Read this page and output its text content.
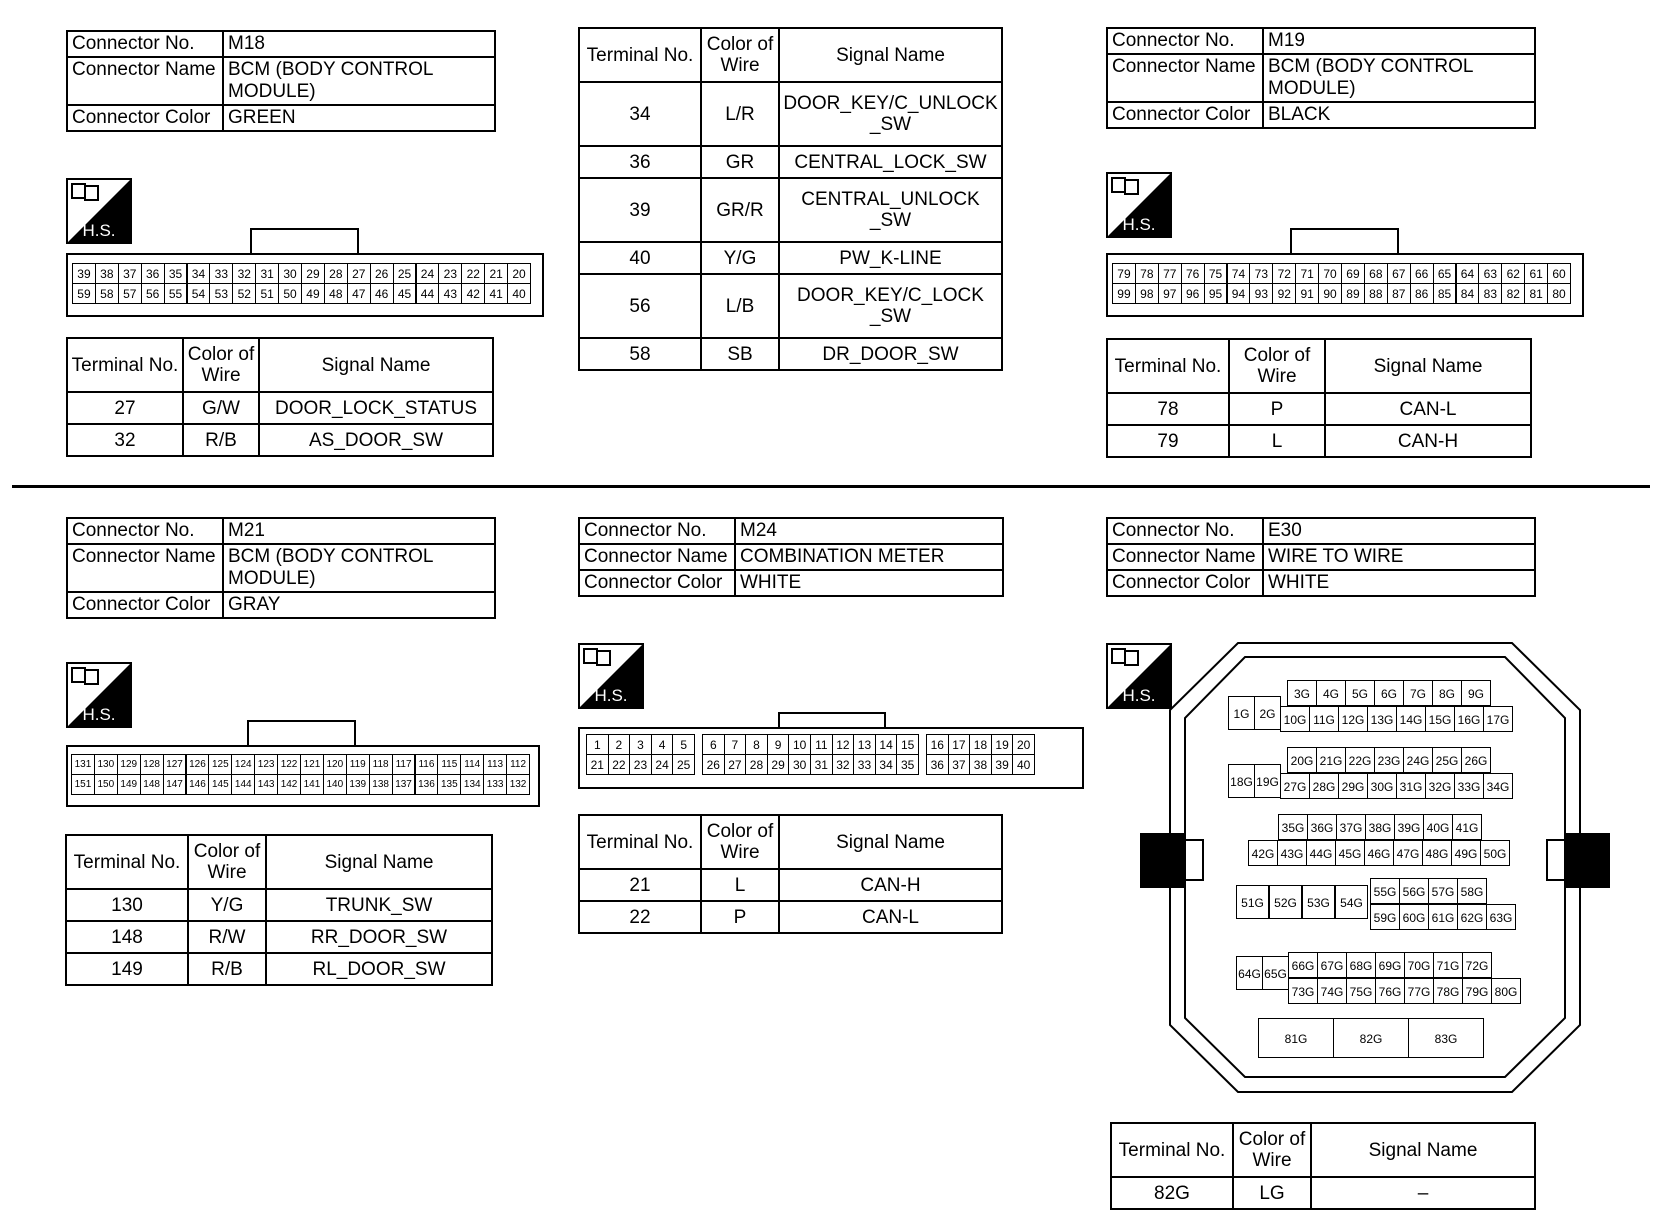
Connector No.	M18
Connector Name	BCM (BODY CONTROL MODULE)
Connector Color	GREEN
H.S.
39 38 37 36 35 34 33 32 31 30 29 28 27 26 25 24 23 22 21 20
59 58 57 56 55 54 53 52 51 50 49 48 47 46 45 44 43 42 41 40
Terminal No.	Color of
Wire	Signal Name
27	G/W	DOOR_LOCK_STATUS
32	R/B	AS_DOOR_SW
Terminal No.	Color of
Wire	Signal Name
34	L/R	DOOR_KEY/C_UNLOCK _SW
36	GR	CENTRAL_LOCK_SW
39	GR/R	CENTRAL_UNLOCK _SW
40	Y/G	PW_K-LINE
56	L/B	DOOR_KEY/C_LOCK _SW
58	SB	DR_DOOR_SW
Connector No.	M19
Connector Name	BCM (BODY CONTROL MODULE)
Connector Color	BLACK
H.S.
79 78 77 76 75 74 73 72 71 70 69 68 67 66 65 64 63 62 61 60
99 98 97 96 95 94 93 92 91 90 89 88 87 86 85 84 83 82 81 80
Terminal No.	Color of
Wire	Signal Name
78	P	CAN-L
79	L	CAN-H
Connector No.	M21
Connector Name	BCM (BODY CONTROL MODULE)
Connector Color	GRAY
H.S.
131 130 129 128 127 126 125 124 123 122 121 120 119 118 117 116 115 114 113 112
151 150 149 148 147 146 145 144 143 142 141 140 139 138 137 136 135 134 133 132
Terminal No.	Color of
Wire	Signal Name
130	Y/G	TRUNK_SW
148	R/W	RR_DOOR_SW
149	R/B	RL_DOOR_SW
Connector No.	M24
Connector Name	COMBINATION METER
Connector Color	WHITE
H.S.
1	2	3	4	5	6	7	8	9 10 11 12 13 14 15	16 17 18 19 20
21 22 23 24 25	26 27 28 29 30 31 32 33 34 35	36 37 38 39 40
Terminal No.	Color of
Wire	Signal Name
21	L	CAN-H
22	P	CAN-L
Connector No.	E30
Connector Name	WIRE TO WIRE
Connector Color	WHITE
H.S.
1G 2G
3G	4G	5G	6G	7G	8G	9G
10G 11G 12G 13G 14G 15G 16G 17G
18G 19G
20G 21G 22G 23G 24G 25G 26G
27G 28G 29G 30G 31G 32G 33G 34G
35G 36G 37G 38G 39G 40G 41G
42G 43G 44G 45G 46G 47G 48G 49G 50G
51G 52G 53G 54G
55G 56G 57G 58G
59G 60G 61G 62G 63G
64G 65G
66G 67G 68G 69G 70G 71G 72G
73G 74G 75G 76G 77G 78G 79G 80G
81G	82G	83G
Terminal No.	Color of
Wire	Signal Name
82G	LG	–
